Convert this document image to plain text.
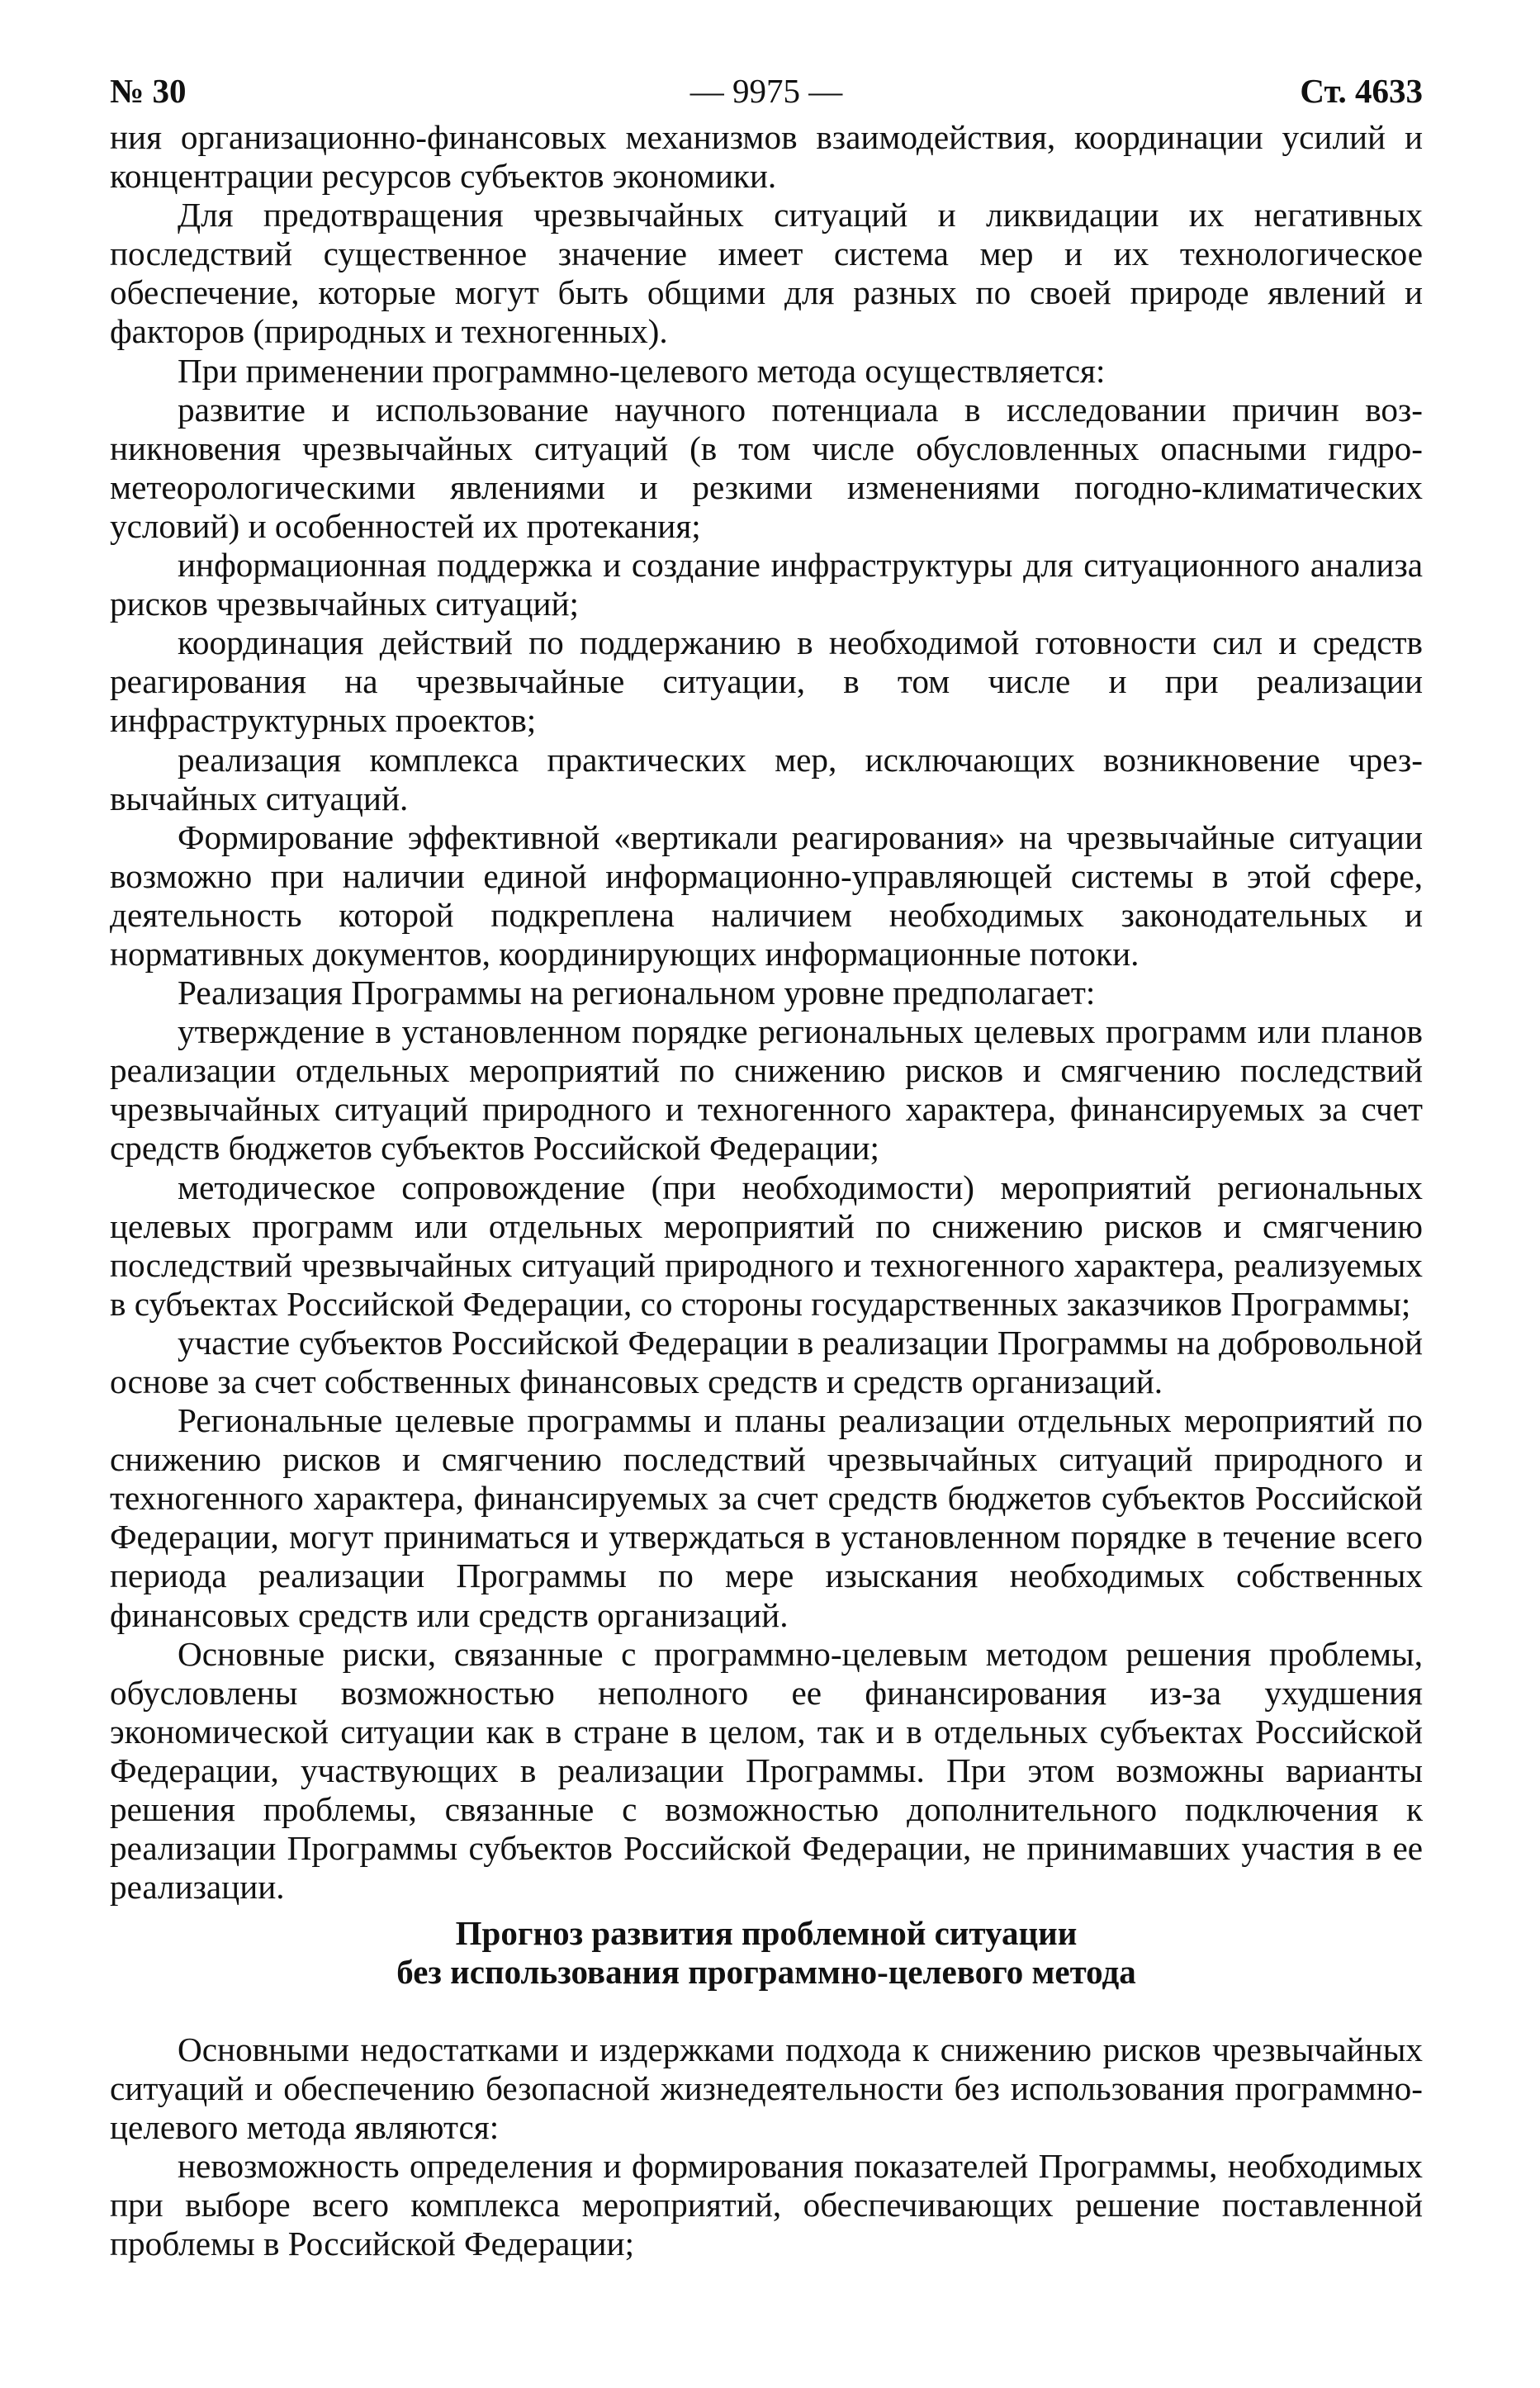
№ 30	— 9975 —	Ст. 4633

ния организационно-финансовых механизмов взаимодействия, координации усилий и концентрации ресурсов субъектов экономики.

Для предотвращения чрезвычайных ситуаций и ликвидации их негативных последствий существенное значение имеет система мер и их технологическое обеспечение, которые могут быть общими для разных по своей природе явлений и факторов (природных и техногенных).

При применении программно-целевого метода осуществляется:

развитие и использование научного потенциала в исследовании причин возникновения чрезвычайных ситуаций (в том числе обусловленных опасными гидрометеорологическими явлениями и резкими изменениями погодно-климатических условий) и особенностей их протекания;

информационная поддержка и создание инфраструктуры для ситуационного анализа рисков чрезвычайных ситуаций;

координация действий по поддержанию в необходимой готовности сил и средств реагирования на чрезвычайные ситуации, в том числе и при реализации инфраструктурных проектов;

реализация комплекса практических мер, исключающих возникновение чрезвычайных ситуаций.

Формирование эффективной «вертикали реагирования» на чрезвычайные ситуации возможно при наличии единой информационно-управляющей системы в этой сфере, деятельность которой подкреплена наличием необходимых законодательных и нормативных документов, координирующих информационные потоки.

Реализация Программы на региональном уровне предполагает:

утверждение в установленном порядке региональных целевых программ или планов реализации отдельных мероприятий по снижению рисков и смягчению последствий чрезвычайных ситуаций природного и техногенного характера, финансируемых за счет средств бюджетов субъектов Российской Федерации;

методическое сопровождение (при необходимости) мероприятий региональных целевых программ или отдельных мероприятий по снижению рисков и смягчению последствий чрезвычайных ситуаций природного и техногенного характера, реализуемых в субъектах Российской Федерации, со стороны государственных заказчиков Программы;

участие субъектов Российской Федерации в реализации Программы на добровольной основе за счет собственных финансовых средств и средств организаций.

Региональные целевые программы и планы реализации отдельных мероприятий по снижению рисков и смягчению последствий чрезвычайных ситуаций природного и техногенного характера, финансируемых за счет средств бюджетов субъектов Российской Федерации, могут приниматься и утверждаться в установленном порядке в течение всего периода реализации Программы по мере изыскания необходимых собственных финансовых средств или средств организаций.

Основные риски, связанные с программно-целевым методом решения проблемы, обусловлены возможностью неполного ее финансирования из-за ухудшения экономической ситуации как в стране в целом, так и в отдельных субъектах Российской Федерации, участвующих в реализации Программы. При этом возможны варианты решения проблемы, связанные с возможностью дополнительного подключения к реализации Программы субъектов Российской Федерации, не принимавших участия в ее реализации.

Прогноз развития проблемной ситуации
без использования программно-целевого метода

Основными недостатками и издержками подхода к снижению рисков чрезвычайных ситуаций и обеспечению безопасной жизнедеятельности без использования программно-целевого метода являются:

невозможность определения и формирования показателей Программы, необходимых при выборе всего комплекса мероприятий, обеспечивающих решение поставленной проблемы в Российской Федерации;
